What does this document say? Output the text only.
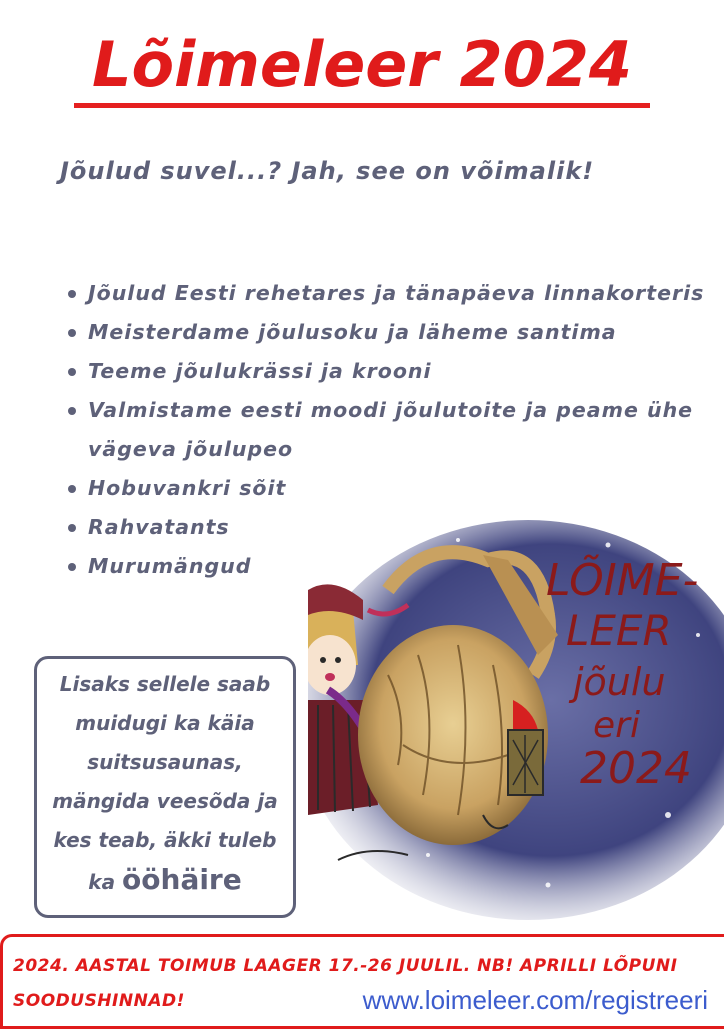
Lõimeleer 2024

Jõulud suvel...? Jah, see on võimalik!

Jõulud Eesti rehetares ja tänapäeva linnakorteris
Meisterdame jõulusoku ja läheme santima
Teeme jõulukrässi ja krooni
Valmistame eesti moodi jõulutoite ja peame ühe vägeva jõulupeo
Hobuvankri sõit
Rahvatants
Murumängud	LÕIME-
LEER
jõulu
eri
2024
Lisaks sellele saab muidugi ka käia suitsusaunas, mängida veesõda ja kes teab, äkki tuleb ka ööhäire
2024. AASTAL TOIMUB LAAGER 17.-26 JUULIL. NB! APRILLI LÕPUNI
SOODUSHINNAD!	www.loimeleer.com/registreeri
